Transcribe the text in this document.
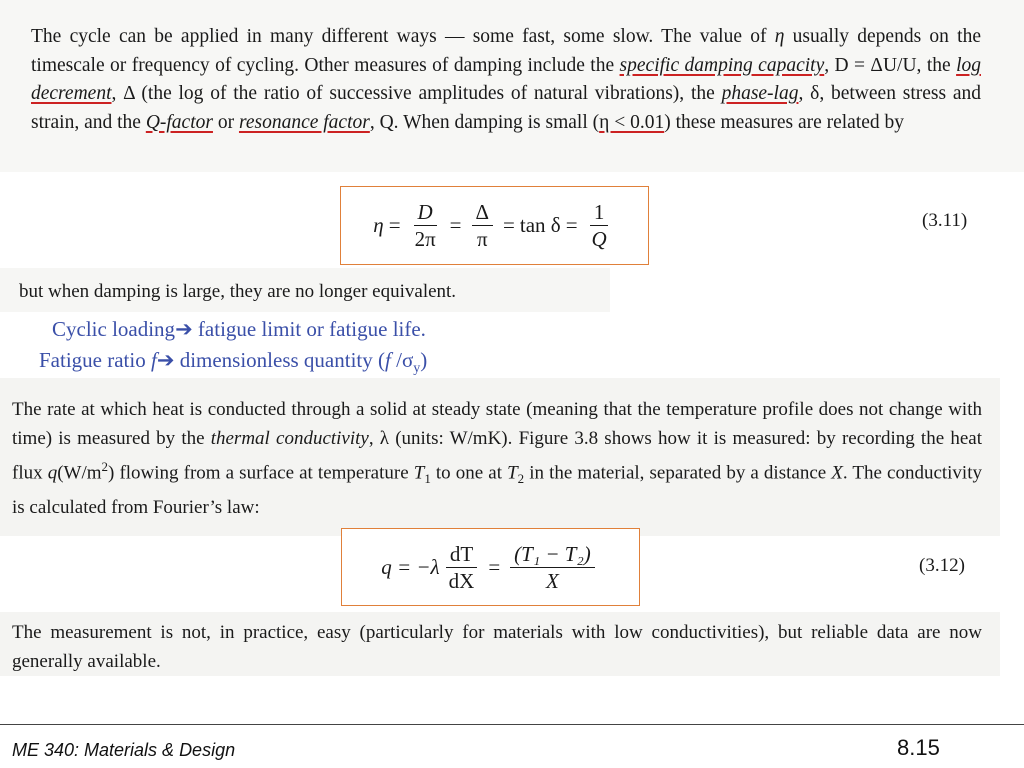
The cycle can be applied in many different ways — some fast, some slow. The value of η usually depends on the timescale or frequency of cycling. Other measures of damping include the specific damping capacity, D = ΔU/U, the log decrement, Δ (the log of the ratio of successive amplitudes of natural vibrations), the phase-lag, δ, between stress and strain, and the Q-factor or resonance factor, Q. When damping is small (η < 0.01) these measures are related by

$\eta = \frac{D}{2\pi} = \frac{\Delta}{\pi} = \tan \delta = \frac{1}{Q}$	(3.11)

but when damping is large, they are no longer equivalent.

Cyclic loading➔ fatigue limit or fatigue life.
Fatigue ratio f➔ dimensionless quantity (f $/\sigma_y$)

The rate at which heat is conducted through a solid at steady state (meaning that the temperature profile does not change with time) is measured by the thermal conductivity, λ (units: W/mK). Figure 3.8 shows how it is measured: by recording the heat flux $q(W/m^2)$ flowing from a surface at temperature $T_1$ to one at $T_2$ in the material, separated by a distance X. The conductivity is calculated from Fourier’s law:

$q = -\lambda \frac{dT}{dX} = \frac{\text{(T₁ − T₂)}}{X}$	(3.12)

The measurement is not, in practice, easy (particularly for materials with low conductivities), but reliable data are now generally available.

ME 340: Materials & Design	8.15
